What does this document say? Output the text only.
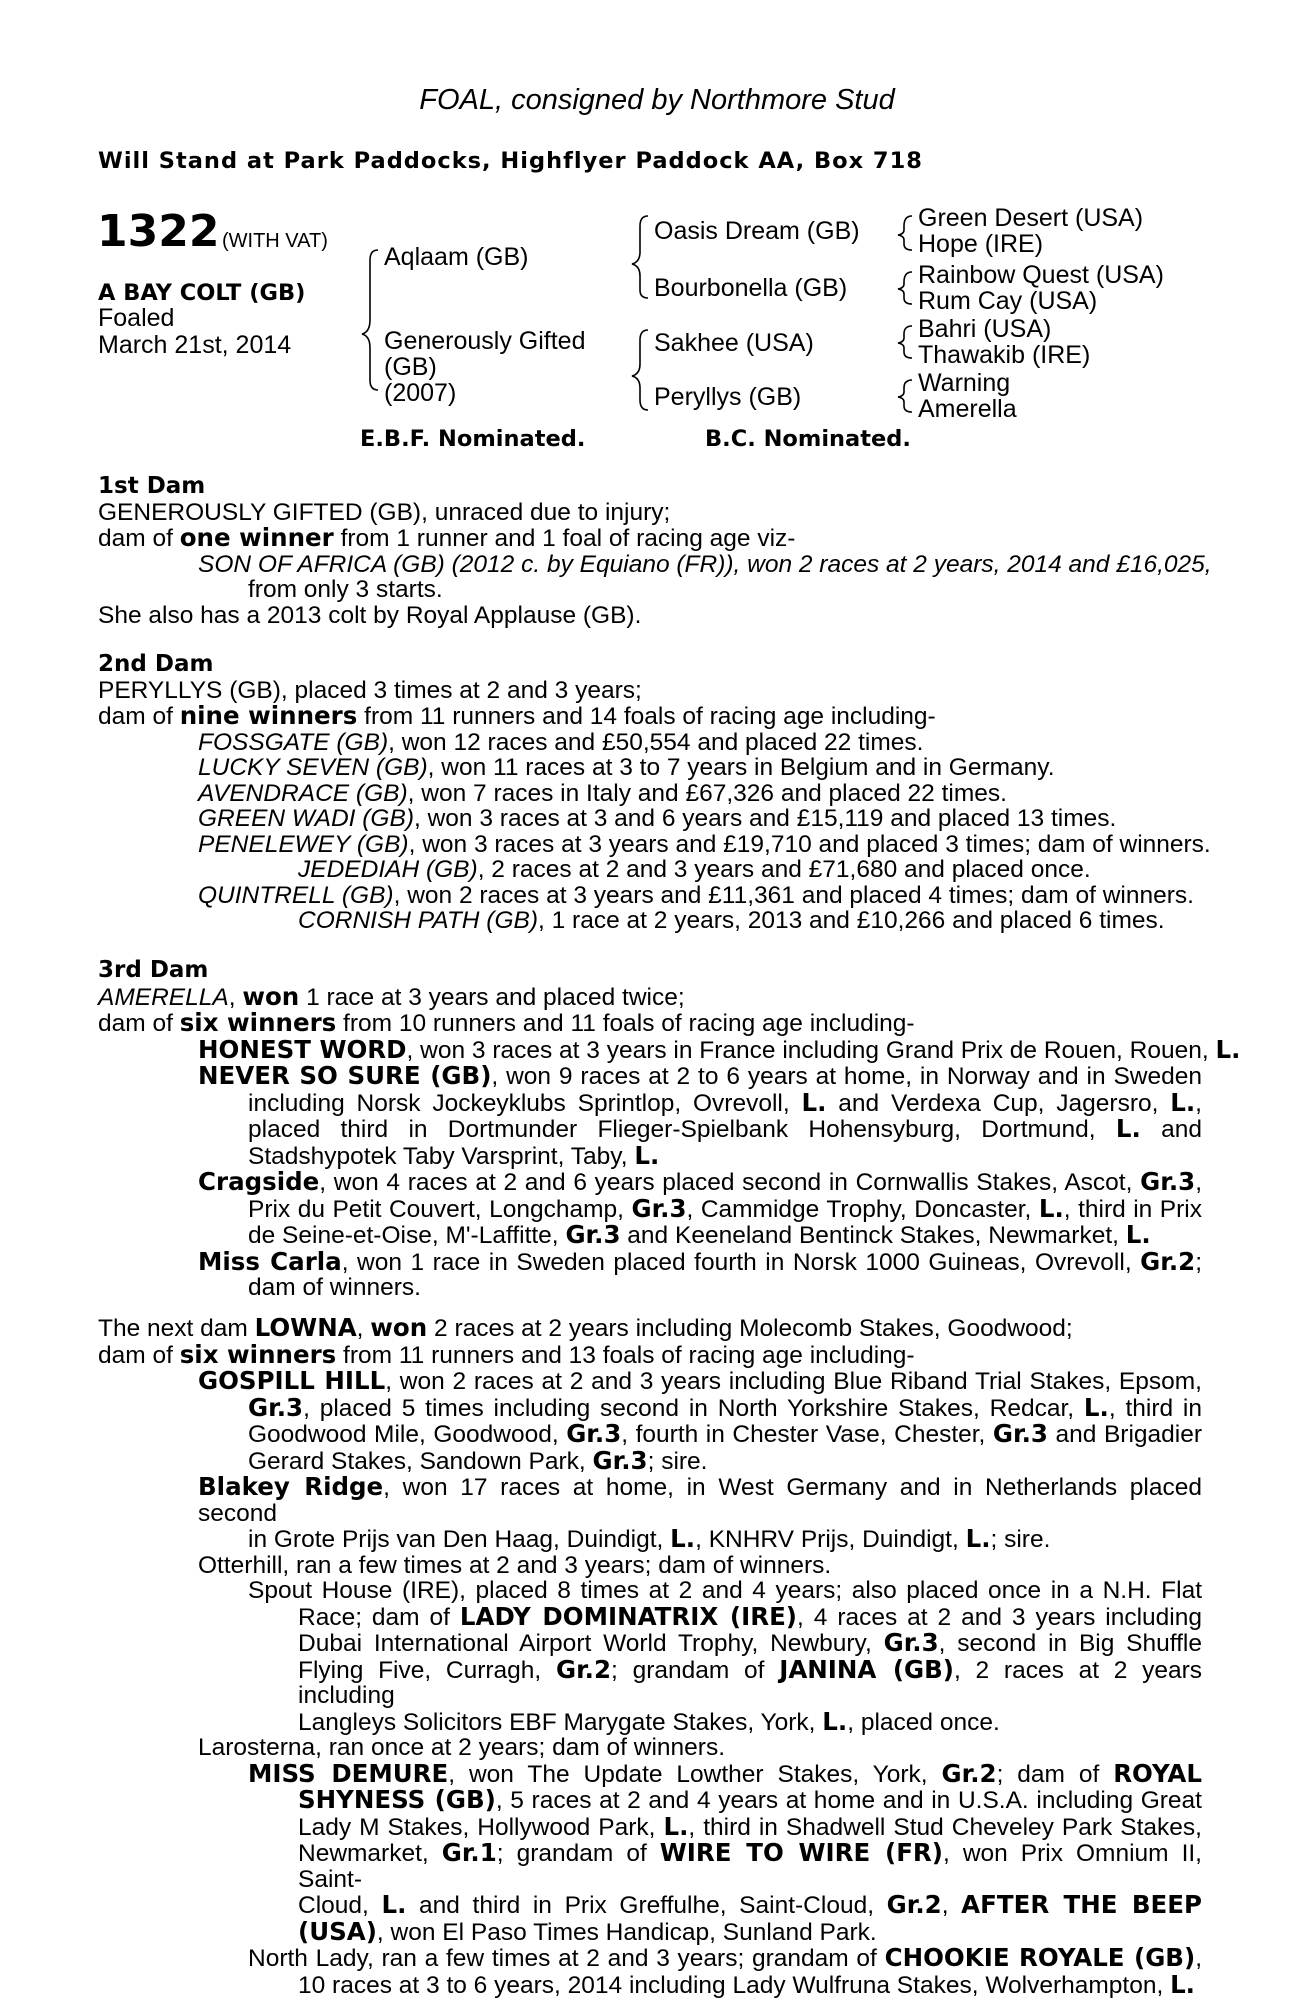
FOAL, consigned by Northmore Stud
Will Stand at Park Paddocks, Highflyer Paddock AA, Box 718
1322 (WITH VAT)
A BAY COLT (GB)
Foaled
March 21st, 2014
Aqlaam (GB)
Generously Gifted
(GB)
(2007)
Oasis Dream (GB)
Bourbonella (GB)
Sakhee (USA)
Peryllys (GB)
Green Desert (USA)
Hope (IRE)
Rainbow Quest (USA)
Rum Cay (USA)
Bahri (USA)
Thawakib (IRE)
Warning
Amerella
E.B.F. Nominated.	B.C. Nominated.
1st Dam
GENEROUSLY GIFTED (GB), unraced due to injury;
dam of one winner from 1 runner and 1 foal of racing age viz-
SON OF AFRICA (GB) (2012 c. by Equiano (FR)), won 2 races at 2 years, 2014 and £16,025,
from only 3 starts.
She also has a 2013 colt by Royal Applause (GB).
2nd Dam
PERYLLYS (GB), placed 3 times at 2 and 3 years;
dam of nine winners from 11 runners and 14 foals of racing age including-
FOSSGATE (GB), won 12 races and £50,554 and placed 22 times.
LUCKY SEVEN (GB), won 11 races at 3 to 7 years in Belgium and in Germany.
AVENDRACE (GB), won 7 races in Italy and £67,326 and placed 22 times.
GREEN WADI (GB), won 3 races at 3 and 6 years and £15,119 and placed 13 times.
PENELEWEY (GB), won 3 races at 3 years and £19,710 and placed 3 times; dam of winners.
JEDEDIAH (GB), 2 races at 2 and 3 years and £71,680 and placed once.
QUINTRELL (GB), won 2 races at 3 years and £11,361 and placed 4 times; dam of winners.
CORNISH PATH (GB), 1 race at 2 years, 2013 and £10,266 and placed 6 times.
3rd Dam
AMERELLA, won 1 race at 3 years and placed twice;
dam of six winners from 10 runners and 11 foals of racing age including-
HONEST WORD, won 3 races at 3 years in France including Grand Prix de Rouen, Rouen, L.
NEVER SO SURE (GB), won 9 races at 2 to 6 years at home, in Norway and in Sweden
including Norsk Jockeyklubs Sprintlop, Ovrevoll, L. and Verdexa Cup, Jagersro, L.,
placed third in Dortmunder Flieger-Spielbank Hohensyburg, Dortmund, L. and
Stadshypotek Taby Varsprint, Taby, L.
Cragside, won 4 races at 2 and 6 years placed second in Cornwallis Stakes, Ascot, Gr.3,
Prix du Petit Couvert, Longchamp, Gr.3, Cammidge Trophy, Doncaster, L., third in Prix
de Seine-et-Oise, M'-Laffitte, Gr.3 and Keeneland Bentinck Stakes, Newmarket, L.
Miss Carla, won 1 race in Sweden placed fourth in Norsk 1000 Guineas, Ovrevoll, Gr.2;
dam of winners.
The next dam LOWNA, won 2 races at 2 years including Molecomb Stakes, Goodwood;
dam of six winners from 11 runners and 13 foals of racing age including-
GOSPILL HILL, won 2 races at 2 and 3 years including Blue Riband Trial Stakes, Epsom,
Gr.3, placed 5 times including second in North Yorkshire Stakes, Redcar, L., third in
Goodwood Mile, Goodwood, Gr.3, fourth in Chester Vase, Chester, Gr.3 and Brigadier
Gerard Stakes, Sandown Park, Gr.3; sire.
Blakey Ridge, won 17 races at home, in West Germany and in Netherlands placed second
in Grote Prijs van Den Haag, Duindigt, L., KNHRV Prijs, Duindigt, L.; sire.
Otterhill, ran a few times at 2 and 3 years; dam of winners.
Spout House (IRE), placed 8 times at 2 and 4 years; also placed once in a N.H. Flat
Race; dam of LADY DOMINATRIX (IRE), 4 races at 2 and 3 years including
Dubai International Airport World Trophy, Newbury, Gr.3, second in Big Shuffle
Flying Five, Curragh, Gr.2; grandam of JANINA (GB), 2 races at 2 years including
Langleys Solicitors EBF Marygate Stakes, York, L., placed once.
Larosterna, ran once at 2 years; dam of winners.
MISS DEMURE, won The Update Lowther Stakes, York, Gr.2; dam of ROYAL
SHYNESS (GB), 5 races at 2 and 4 years at home and in U.S.A. including Great
Lady M Stakes, Hollywood Park, L., third in Shadwell Stud Cheveley Park Stakes,
Newmarket, Gr.1; grandam of WIRE TO WIRE (FR), won Prix Omnium II, Saint-
Cloud, L. and third in Prix Greffulhe, Saint-Cloud, Gr.2, AFTER THE BEEP
(USA), won El Paso Times Handicap, Sunland Park.
North Lady, ran a few times at 2 and 3 years; grandam of CHOOKIE ROYALE (GB),
10 races at 3 to 6 years, 2014 including Lady Wulfruna Stakes, Wolverhampton, L.
